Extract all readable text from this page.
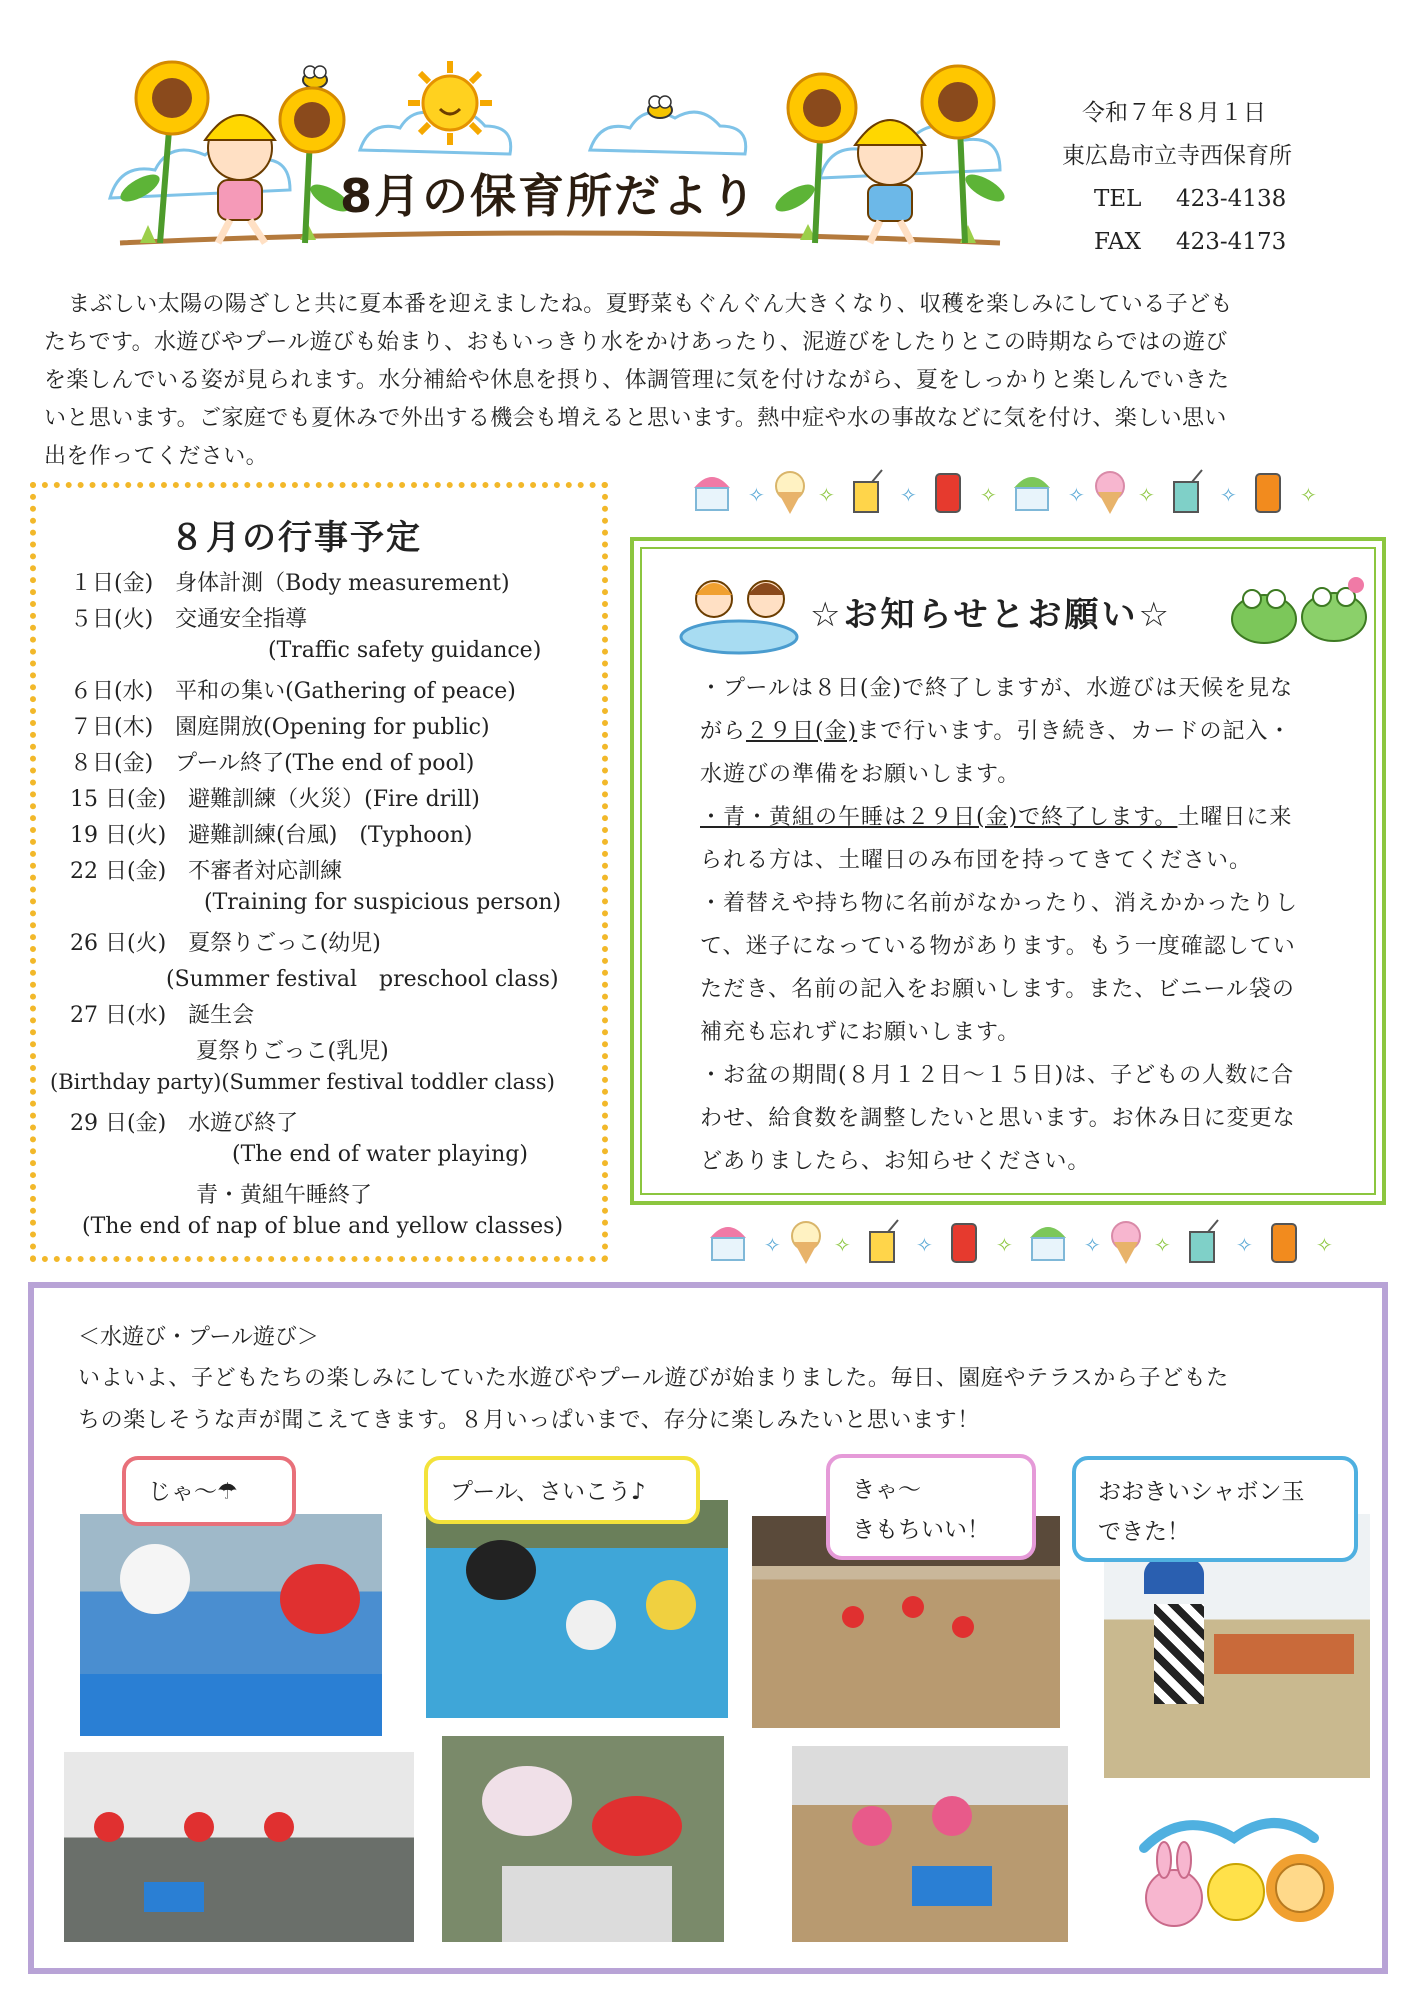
8月の保育所だより
令和７年８月１日
東広島市立寺西保育所
TEL 423-4138
FAX 423-4173
まぶしい太陽の陽ざしと共に夏本番を迎えましたね。夏野菜もぐんぐん大きくなり、収穫を楽しみにしている子ども
たちです。水遊びやプール遊びも始まり、おもいっきり水をかけあったり、泥遊びをしたりとこの時期ならではの遊び
を楽しんでいる姿が見られます。水分補給や休息を摂り、体調管理に気を付けながら、夏をしっかりと楽しんでいきた
いと思います。ご家庭でも夏休みで外出する機会も増えると思います。熱中症や水の事故などに気を付け、楽しい思い
出を作ってください。
８月の行事予定
１日(金)　身体計測（Body measurement)
５日(火)　交通安全指導
(Traffic safety guidance)
６日(水)　平和の集い(Gathering of peace)
７日(木)　園庭開放(Opening for public)
８日(金)　プール終了(The end of pool)
15 日(金)　避難訓練（火災）(Fire drill)
19 日(火)　避難訓練(台風)　(Typhoon)
22 日(金)　不審者対応訓練
(Training for suspicious person)
26 日(火)　夏祭りごっこ(幼児)
(Summer festival　preschool class)
27 日(水)　誕生会
夏祭りごっこ(乳児)
(Birthday party)(Summer festival toddler class)
29 日(金)　水遊び終了
(The end of water playing)
青・黄組午睡終了
(The end of nap of blue and yellow classes)
✧	✧	✧	✧	✧	✧	✧	✧
✧	✧	✧	✧	✧	✧	✧	✧
☆お知らせとお願い☆
・プールは８日(金)で終了しますが、水遊びは天候を見な
がら２９日(金)まで行います。引き続き、カードの記入・
水遊びの準備をお願いします。
・青・黄組の午睡は２９日(金)で終了します。土曜日に来
られる方は、土曜日のみ布団を持ってきてください。
・着替えや持ち物に名前がなかったり、消えかかったりし
て、迷子になっている物があります。もう一度確認してい
ただき、名前の記入をお願いします。また、ビニール袋の
補充も忘れずにお願いします。
・お盆の期間(８月１２日～１５日)は、子どもの人数に合
わせ、給食数を調整したいと思います。お休み日に変更な
どありましたら、お知らせください。
＜水遊び・プール遊び＞
いよいよ、子どもたちの楽しみにしていた水遊びやプール遊びが始まりました。毎日、園庭やテラスから子どもた
ちの楽しそうな声が聞こえてきます。８月いっぱいまで、存分に楽しみたいと思います！
じゃ～☂	プール、さいこう♪	きゃ～
きもちいい！
おおきいシャボン玉
できた！
